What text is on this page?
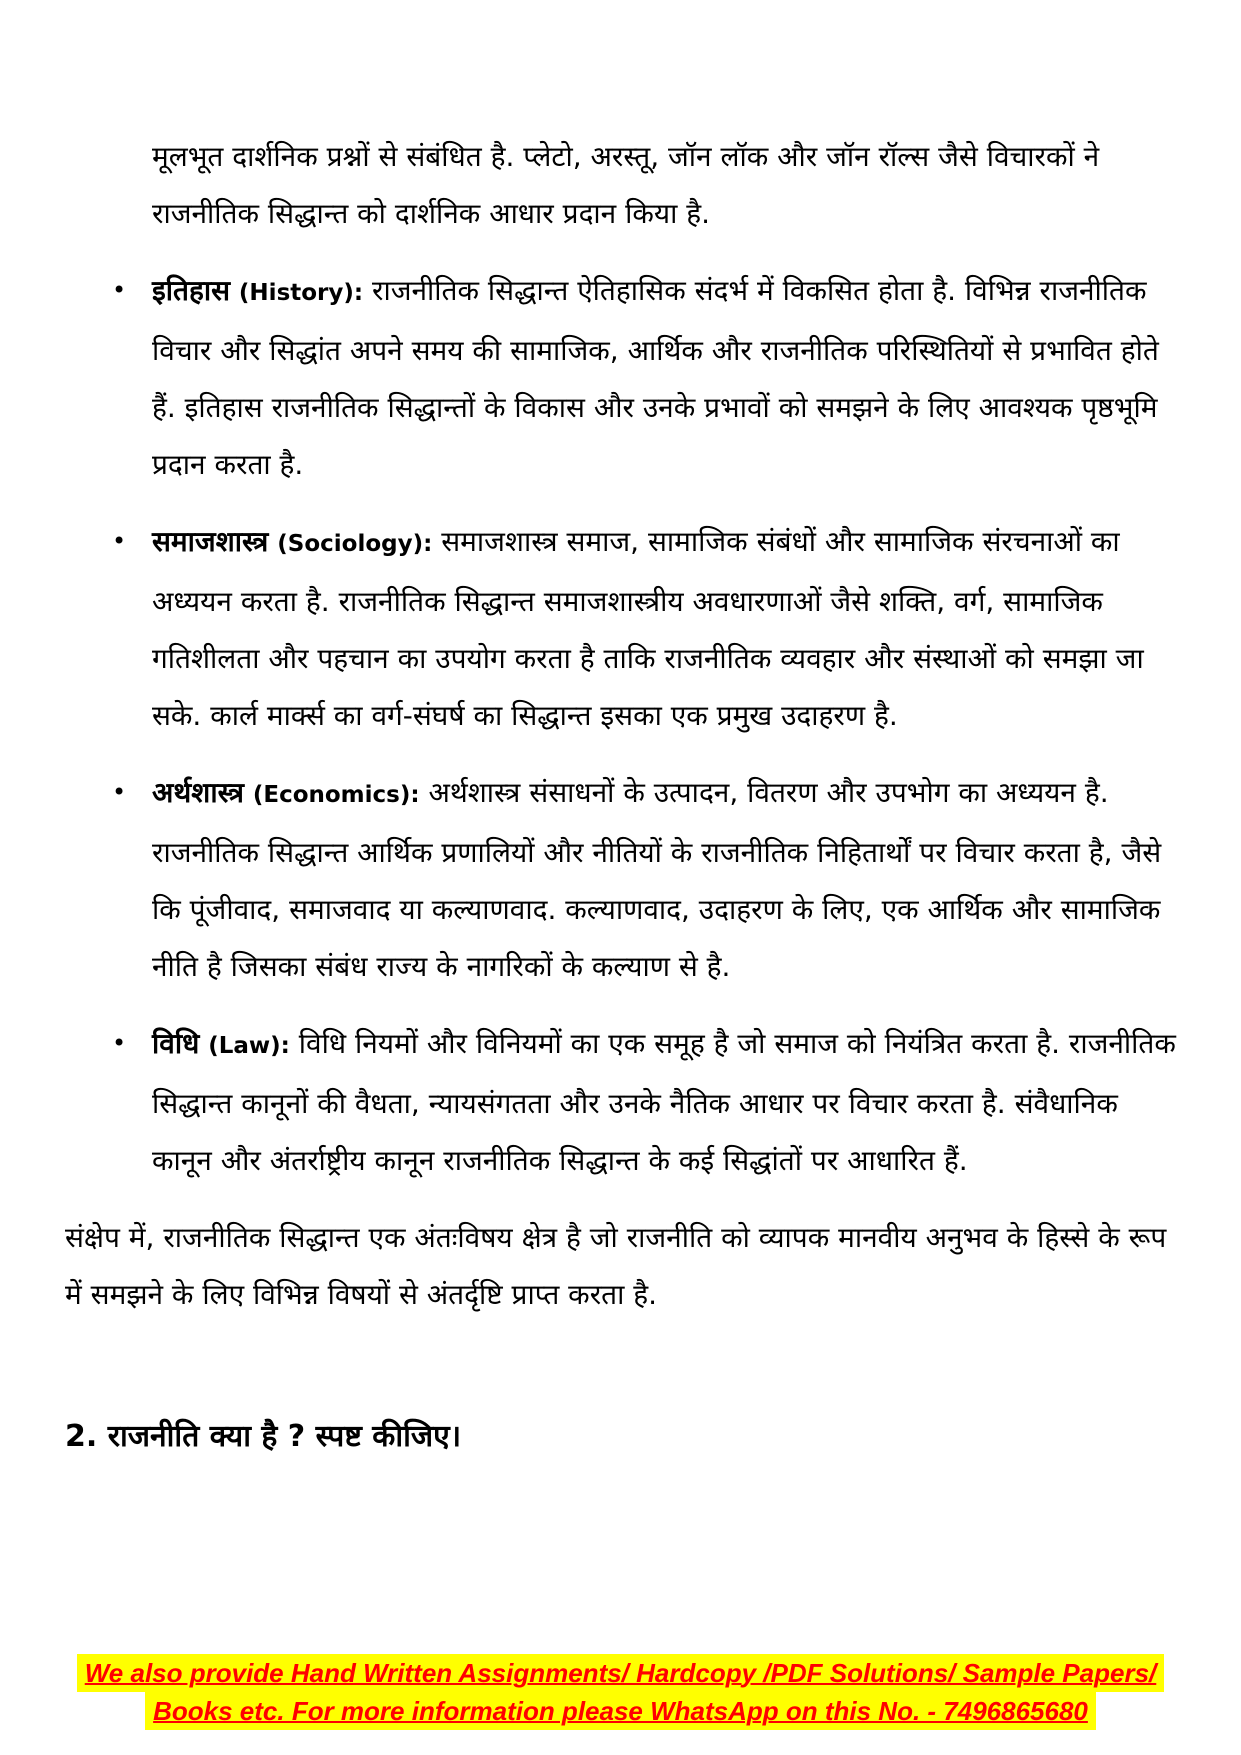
मूलभूत दार्शनिक प्रश्नों से संबंधित है. प्लेटो, अरस्तू, जॉन लॉक और जॉन रॉल्स जैसे विचारकों ने राजनीतिक सिद्धान्त को दार्शनिक आधार प्रदान किया है.

• इतिहास (History): राजनीतिक सिद्धान्त ऐतिहासिक संदर्भ में विकसित होता है. विभिन्न राजनीतिक विचार और सिद्धांत अपने समय की सामाजिक, आर्थिक और राजनीतिक परिस्थितियों से प्रभावित होते हैं. इतिहास राजनीतिक सिद्धान्तों के विकास और उनके प्रभावों को समझने के लिए आवश्यक पृष्ठभूमि प्रदान करता है.
• समाजशास्त्र (Sociology): समाजशास्त्र समाज, सामाजिक संबंधों और सामाजिक संरचनाओं का अध्ययन करता है. राजनीतिक सिद्धान्त समाजशास्त्रीय अवधारणाओं जैसे शक्ति, वर्ग, सामाजिक गतिशीलता और पहचान का उपयोग करता है ताकि राजनीतिक व्यवहार और संस्थाओं को समझा जा सके. कार्ल मार्क्स का वर्ग-संघर्ष का सिद्धान्त इसका एक प्रमुख उदाहरण है.
• अर्थशास्त्र (Economics): अर्थशास्त्र संसाधनों के उत्पादन, वितरण और उपभोग का अध्ययन है. राजनीतिक सिद्धान्त आर्थिक प्रणालियों और नीतियों के राजनीतिक निहितार्थों पर विचार करता है, जैसे कि पूंजीवाद, समाजवाद या कल्याणवाद. कल्याणवाद, उदाहरण के लिए, एक आर्थिक और सामाजिक नीति है जिसका संबंध राज्य के नागरिकों के कल्याण से है.
• विधि (Law): विधि नियमों और विनियमों का एक समूह है जो समाज को नियंत्रित करता है. राजनीतिक सिद्धान्त कानूनों की वैधता, न्यायसंगतता और उनके नैतिक आधार पर विचार करता है. संवैधानिक कानून और अंतर्राष्ट्रीय कानून राजनीतिक सिद्धान्त के कई सिद्धांतों पर आधारित हैं.

संक्षेप में, राजनीतिक सिद्धान्त एक अंतःविषय क्षेत्र है जो राजनीति को व्यापक मानवीय अनुभव के हिस्से के रूप में समझने के लिए विभिन्न विषयों से अंतर्दृष्टि प्राप्त करता है.

2. राजनीति क्या है ? स्पष्ट कीजिए।
We also provide Hand Written Assignments/ Hardcopy /PDF Solutions/ Sample Papers/
Books etc. For more information please WhatsApp on this No. - 7496865680
